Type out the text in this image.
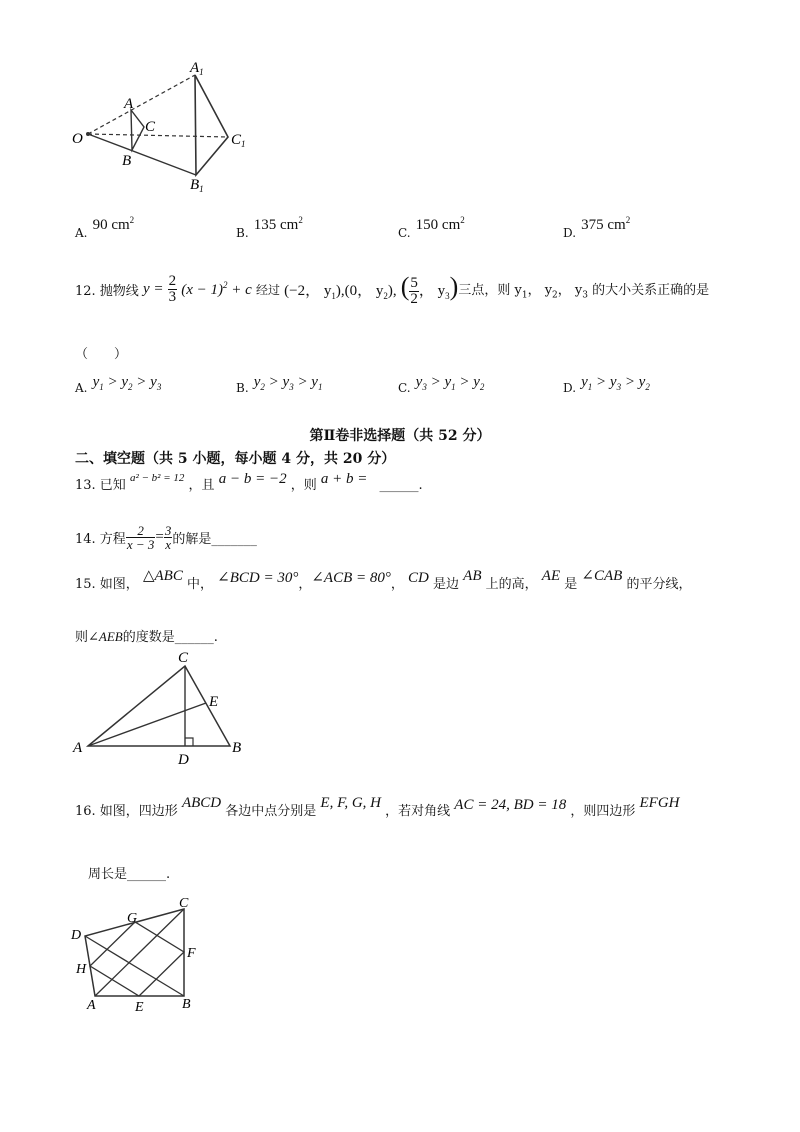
$A_1$
A
C
O
B
$C_1$
$B_1$
A. 90 $cm^2$
B. 135 $cm^2$
C. 150 $cm^2$
D. 375 $cm^2$
12. 抛物线 $y = \frac{2}{3} (x - 1)^2 + c$ 经过 (−2， $y_1),(0$， $y_2$), ( $\frac{5}{2}$ ， $y_3$)三点，则 $y_1$， $y_2$， $y_3$ 的大小关系正确的是
（　　）
A. $y_1 > y_2 > y_3$	B. $y_2 > y_3 > y_1$	C. $y_3 > y_1 > y_2$	D. $y_1 > y_3 > y_2$
第Ⅱ卷非选择题（共 52 分）
二、填空题（共 5 小题，每小题 4 分，共 20 分）
13. 已知 $^{a^2 - b^2 = 12}$ ，且 a − b = −2 ，则 a + b = ______.
14. 方程 $\frac{2}{x - 3} = \frac{3}{x}$ 的解是_______
15. 如图， △ABC 中， ∠BCD = 30°，∠ACB = 80°， CD 是边 AB 上的高， AE 是 ∠CAB 的平分线，
则∠AEB的度数是______.
C
E
A
D
B
16. 如图，四边形 ABCD 各边中点分别是 E, F, G, H ，若对角线 AC = 24, BD = 18 ，则四边形 EFGH
周长是______.
C
G
D
F
H
A	E	B
